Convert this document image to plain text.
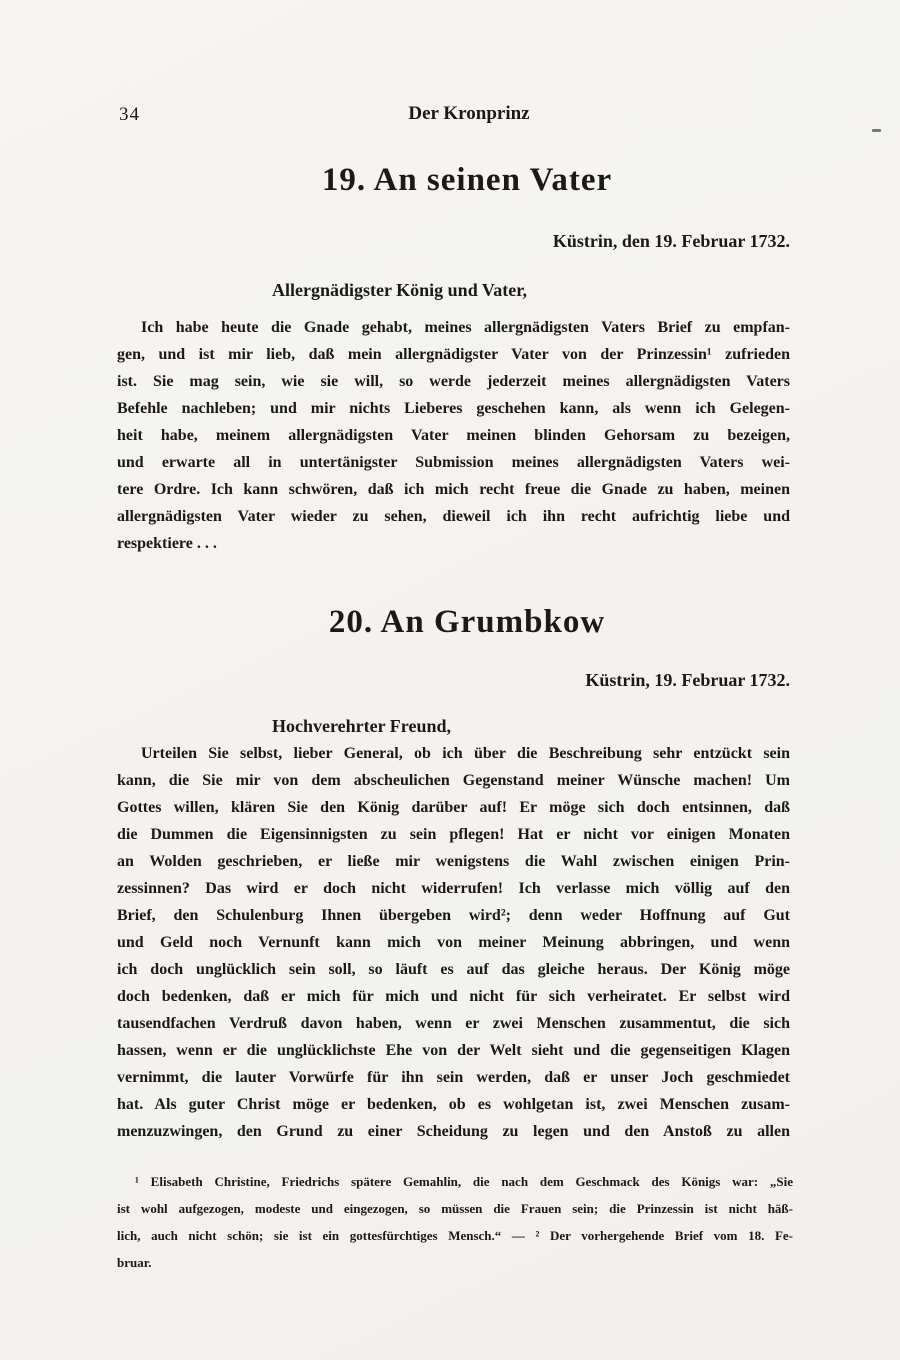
34	Der Kronprinz
19. An seinen Vater
Küstrin, den 19. Februar 1732.
Allergnädigster König und Vater,
Ich habe heute die Gnade gehabt, meines allergnädigsten Vaters Brief zu empfan-
gen, und ist mir lieb, daß mein allergnädigster Vater von der Prinzessin¹ zufrieden
ist. Sie mag sein, wie sie will, so werde jederzeit meines allergnädigsten Vaters
Befehle nachleben; und mir nichts Lieberes geschehen kann, als wenn ich Gelegen-
heit habe, meinem allergnädigsten Vater meinen blinden Gehorsam zu bezeigen,
und erwarte all in untertänigster Submission meines allergnädigsten Vaters wei-
tere Ordre. Ich kann schwören, daß ich mich recht freue die Gnade zu haben, meinen
allergnädigsten Vater wieder zu sehen, dieweil ich ihn recht aufrichtig liebe und
respektiere . . .
20. An Grumbkow
Küstrin, 19. Februar 1732.
Hochverehrter Freund,
Urteilen Sie selbst, lieber General, ob ich über die Beschreibung sehr entzückt sein
kann, die Sie mir von dem abscheulichen Gegenstand meiner Wünsche machen! Um
Gottes willen, klären Sie den König darüber auf! Er möge sich doch entsinnen, daß
die Dummen die Eigensinnigsten zu sein pflegen! Hat er nicht vor einigen Monaten
an Wolden geschrieben, er ließe mir wenigstens die Wahl zwischen einigen Prin-
zessinnen? Das wird er doch nicht widerrufen! Ich verlasse mich völlig auf den
Brief, den Schulenburg Ihnen übergeben wird²; denn weder Hoffnung auf Gut
und Geld noch Vernunft kann mich von meiner Meinung abbringen, und wenn
ich doch unglücklich sein soll, so läuft es auf das gleiche heraus. Der König möge
doch bedenken, daß er mich für mich und nicht für sich verheiratet. Er selbst wird
tausendfachen Verdruß davon haben, wenn er zwei Menschen zusammentut, die sich
hassen, wenn er die unglücklichste Ehe von der Welt sieht und die gegenseitigen Klagen
vernimmt, die lauter Vorwürfe für ihn sein werden, daß er unser Joch geschmiedet
hat. Als guter Christ möge er bedenken, ob es wohlgetan ist, zwei Menschen zusam-
menzuzwingen, den Grund zu einer Scheidung zu legen und den Anstoß zu allen
¹ Elisabeth Christine, Friedrichs spätere Gemahlin, die nach dem Geschmack des Königs war: „Sie
ist wohl aufgezogen, modeste und eingezogen, so müssen die Frauen sein; die Prinzessin ist nicht häß-
lich, auch nicht schön; sie ist ein gottesfürchtiges Mensch.“ — ² Der vorhergehende Brief vom 18. Fe-
bruar.
